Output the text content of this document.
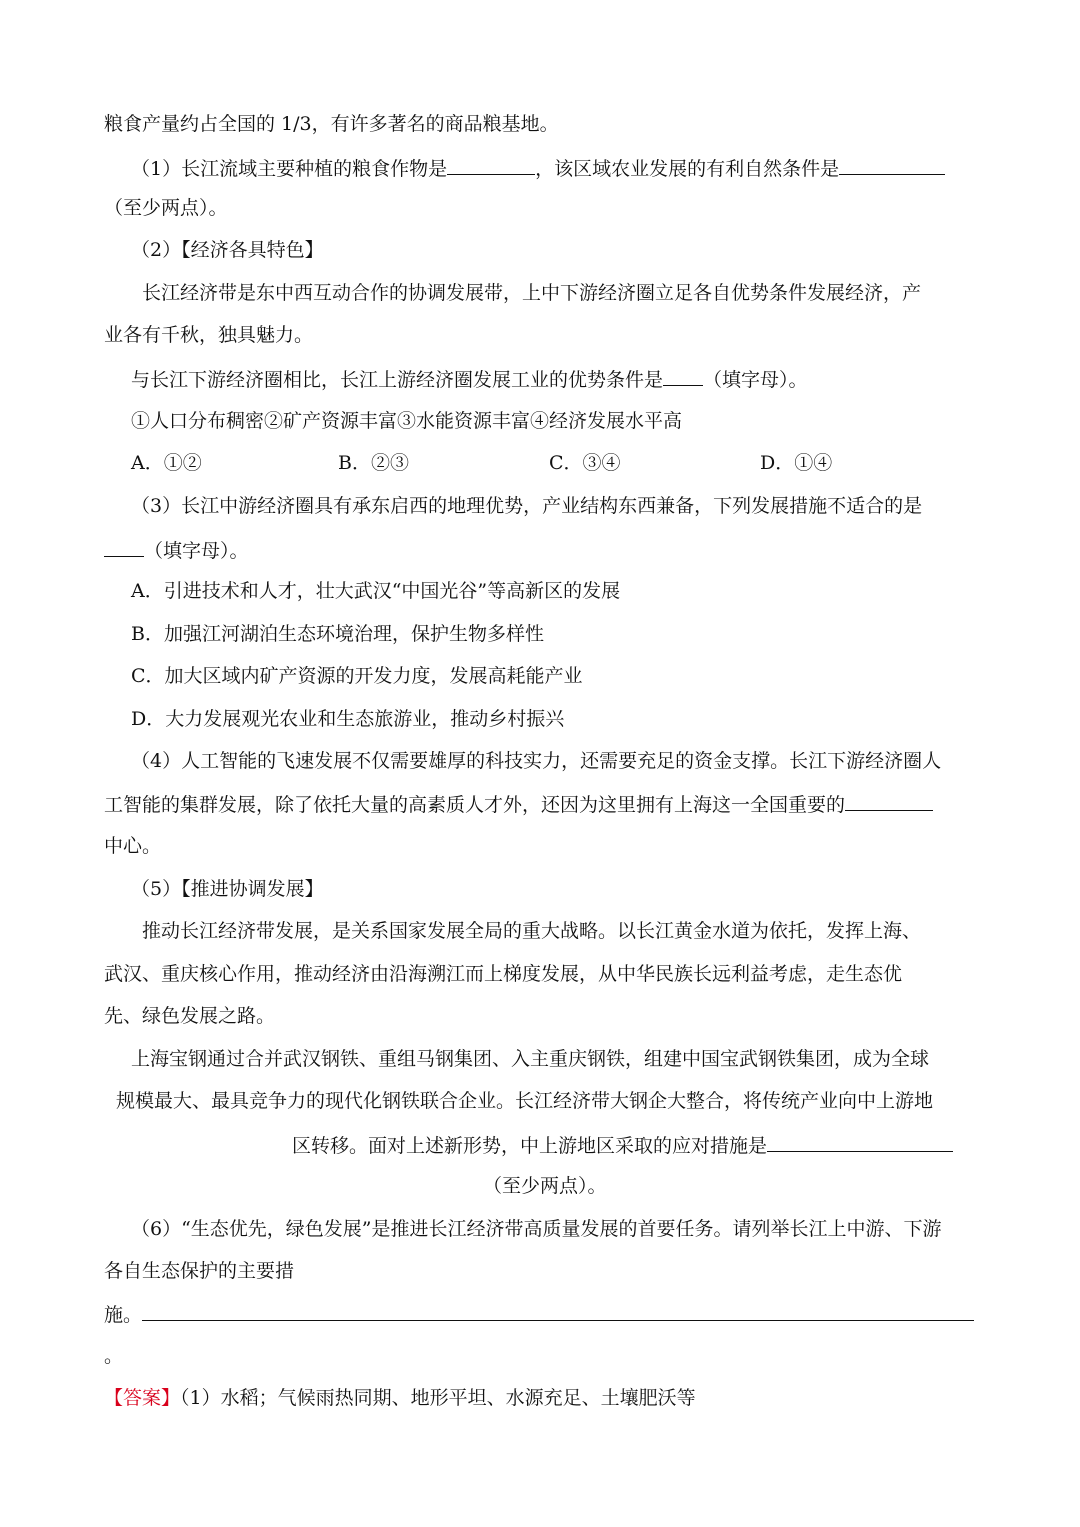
粮食产量约占全国的 1/3，有许多著名的商品粮基地。
（1）长江流域主要种植的粮食作物是	，该区域农业发展的有利自然条件是
（至少两点）。
（2）【经济各具特色】
长江经济带是东中西互动合作的协调发展带，上中下游经济圈立足各自优势条件发展经济，产
业各有千秋，独具魅力。
与长江下游经济圈相比，长江上游经济圈发展工业的优势条件是 （填字母）。
①人口分布稠密②矿产资源丰富③水能资源丰富④经济发展水平高
A．①②	B．②③	C．③④	D．①④
（3）长江中游经济圈具有承东启西的地理优势，产业结构东西兼备，下列发展措施不适合的是
（填字母）。
A．引进技术和人才，壮大武汉“中国光谷”等高新区的发展
B．加强江河湖泊生态环境治理，保护生物多样性
C．加大区域内矿产资源的开发力度，发展高耗能产业
D．大力发展观光农业和生态旅游业，推动乡村振兴
（4）人工智能的飞速发展不仅需要雄厚的科技实力，还需要充足的资金支撑。长江下游经济圈人
工智能的集群发展，除了依托大量的高素质人才外，还因为这里拥有上海这一全国重要的
中心。
（5）【推进协调发展】
推动长江经济带发展，是关系国家发展全局的重大战略。以长江黄金水道为依托，发挥上海、
武汉、重庆核心作用，推动经济由沿海溯江而上梯度发展，从中华民族长远利益考虑，走生态优
先、绿色发展之路。
上海宝钢通过合并武汉钢铁、重组马钢集团、入主重庆钢铁，组建中国宝武钢铁集团，成为全球
规模最大、最具竞争力的现代化钢铁联合企业。长江经济带大钢企大整合，将传统产业向中上游地
区转移。面对上述新形势，中上游地区采取的应对措施是
（至少两点）。
（6）“生态优先，绿色发展”是推进长江经济带高质量发展的首要任务。请列举长江上中游、下游
各自生态保护的主要措
施。
。
【答案】（1）水稻；气候雨热同期、地形平坦、水源充足、土壤肥沃等
